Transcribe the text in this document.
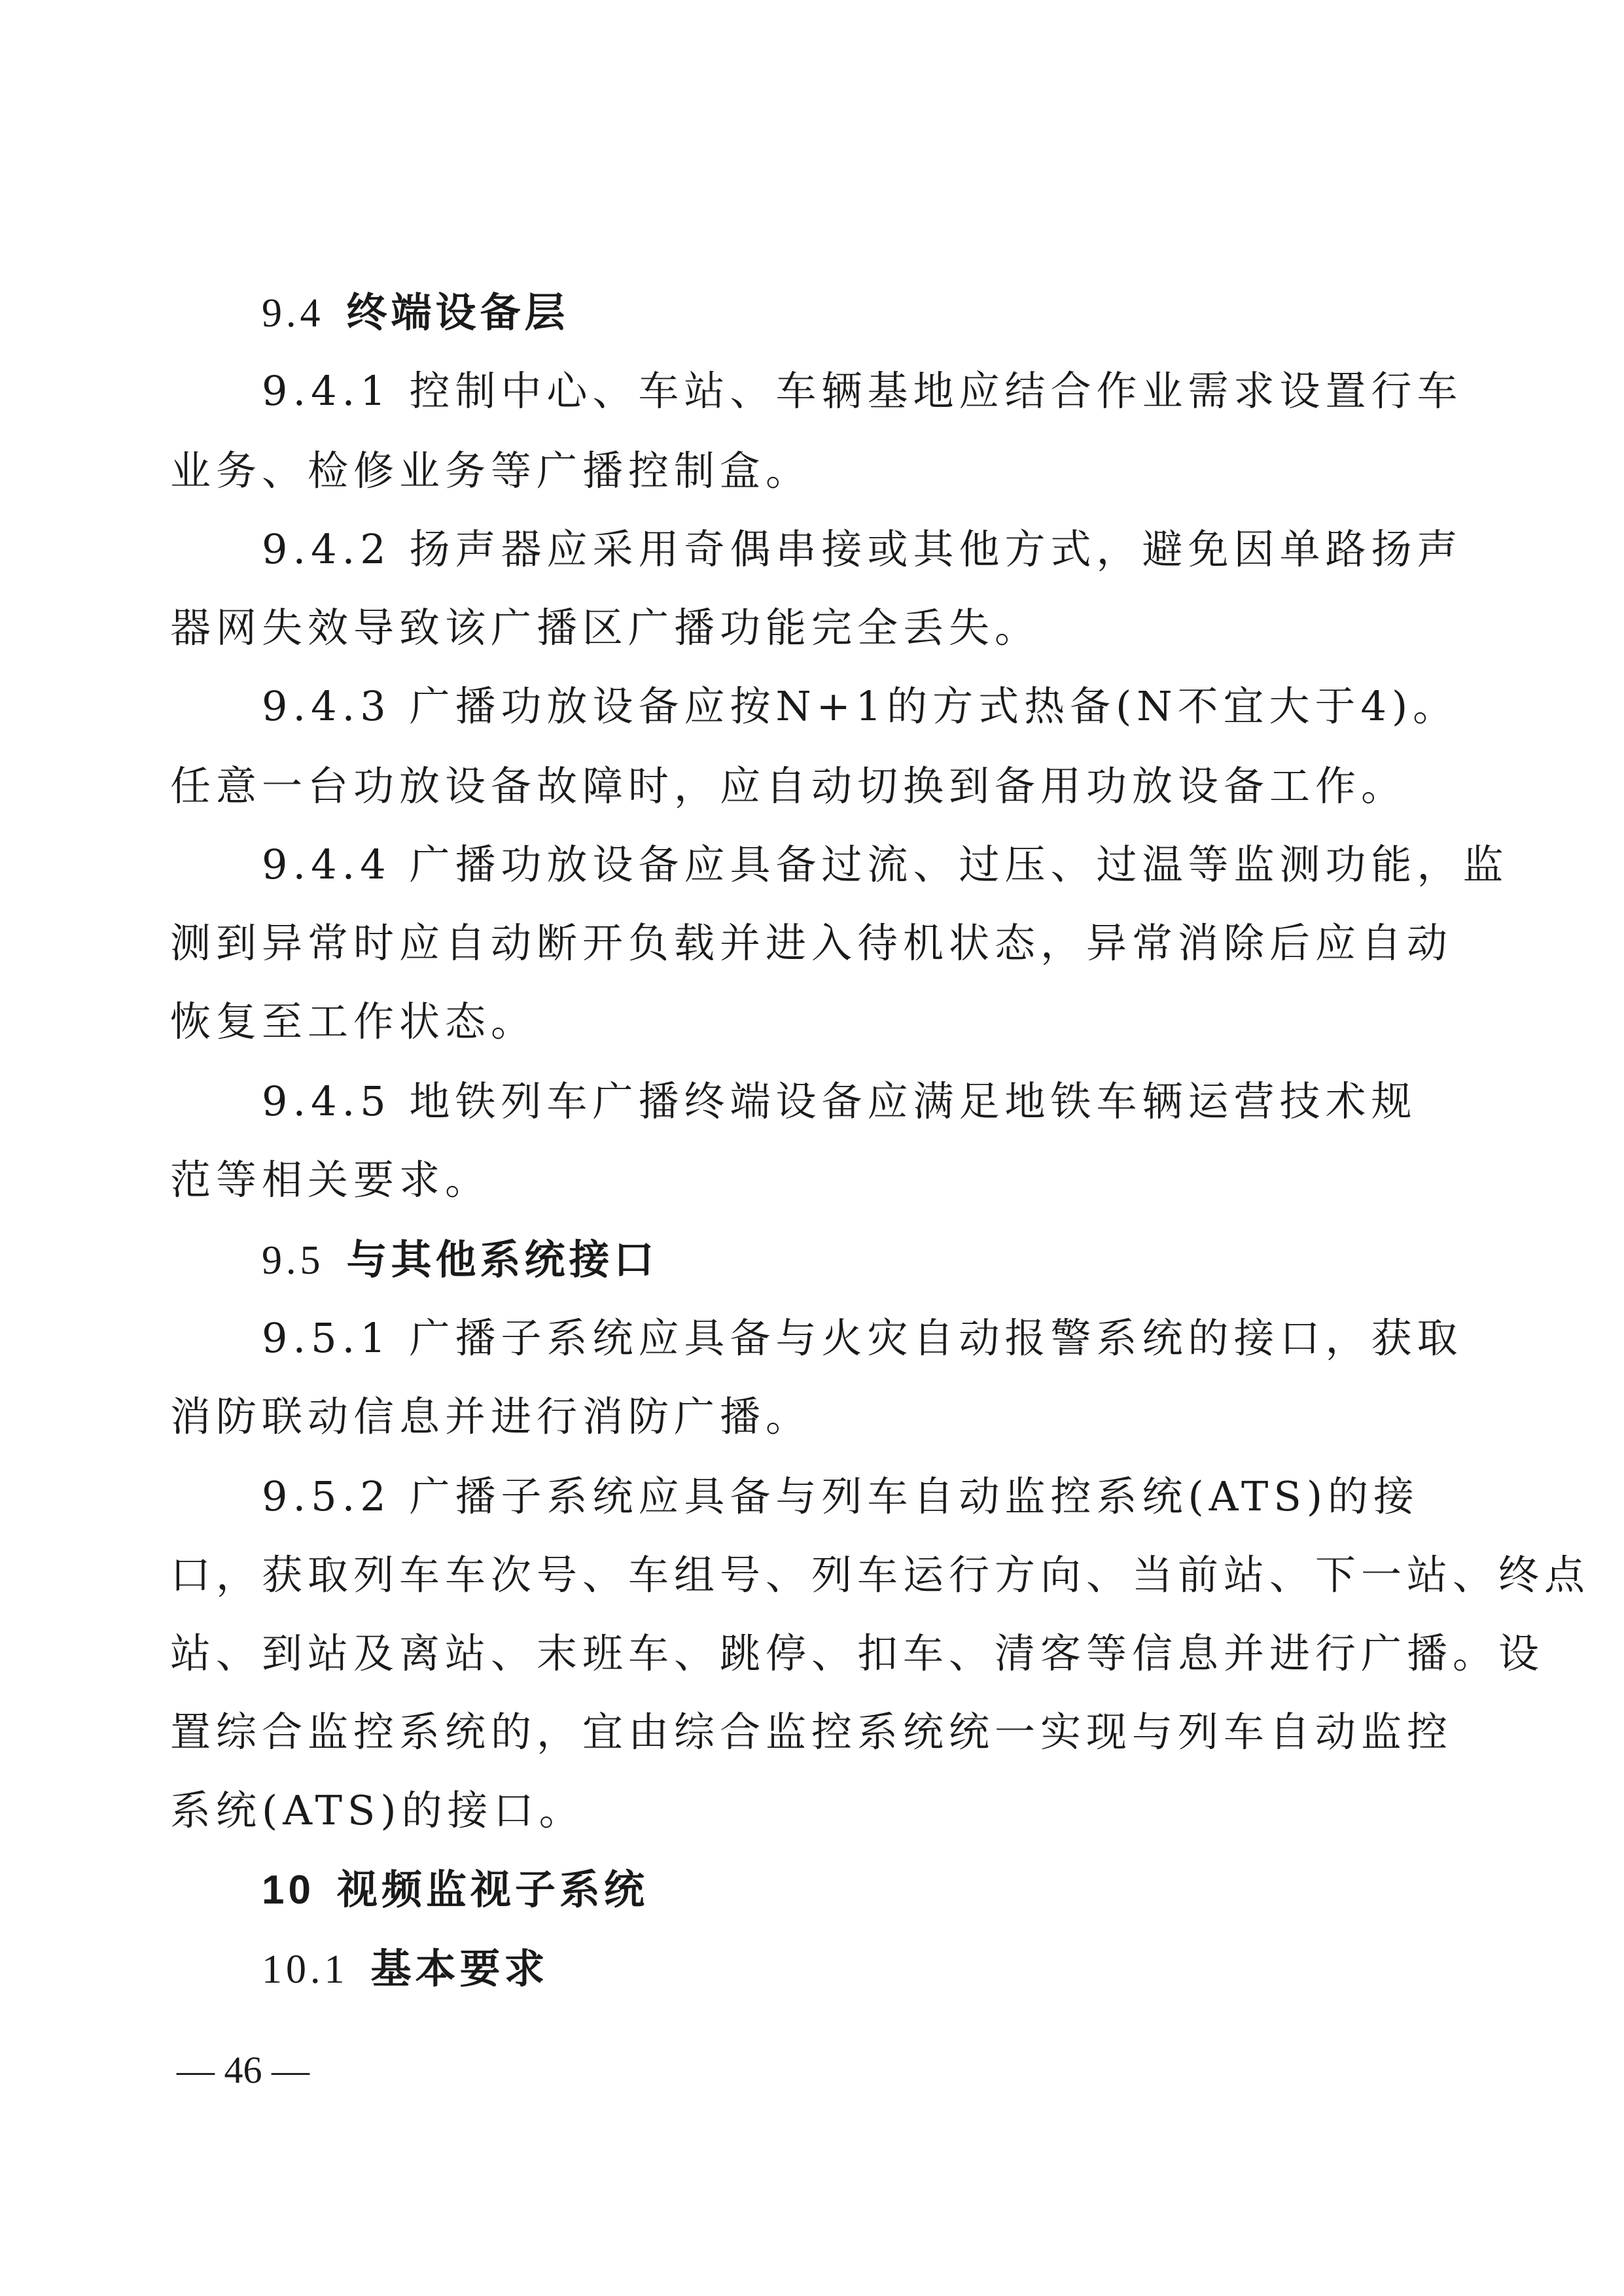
9.4 终端设备层
9.4.1 控制中心、车站、车辆基地应结合作业需求设置行车
业务、检修业务等广播控制盒。
9.4.2 扬声器应采用奇偶串接或其他方式，避免因单路扬声
器网失效导致该广播区广播功能完全丢失。
9.4.3 广播功放设备应按N+1的方式热备(N不宜大于4)。
任意一台功放设备故障时，应自动切换到备用功放设备工作。
9.4.4 广播功放设备应具备过流、过压、过温等监测功能，监
测到异常时应自动断开负载并进入待机状态，异常消除后应自动
恢复至工作状态。
9.4.5 地铁列车广播终端设备应满足地铁车辆运营技术规
范等相关要求。
9.5 与其他系统接口
9.5.1 广播子系统应具备与火灾自动报警系统的接口，获取
消防联动信息并进行消防广播。
9.5.2 广播子系统应具备与列车自动监控系统(ATS)的接
口，获取列车车次号、车组号、列车运行方向、当前站、下一站、终点
站、到站及离站、末班车、跳停、扣车、清客等信息并进行广播。设
置综合监控系统的，宜由综合监控系统统一实现与列车自动监控
系统(ATS)的接口。
10 视频监视子系统
10.1 基本要求
— 46 —
